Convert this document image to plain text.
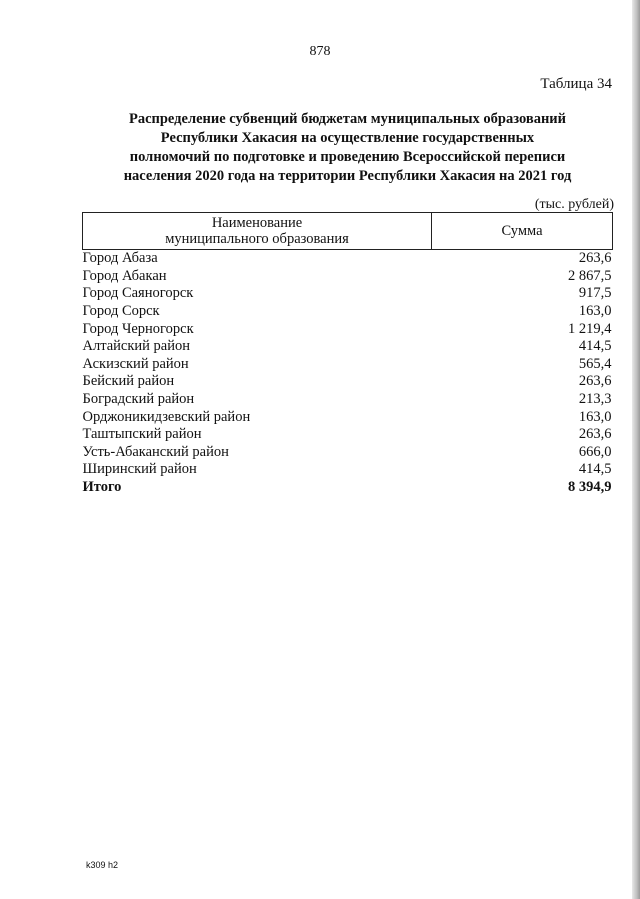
878
Таблица 34
Распределение субвенций бюджетам муниципальных образований
Республики Хакасия на осуществление государственных
полномочий по подготовке и проведению Всероссийской переписи
населения 2020 года на территории Республики Хакасия на 2021 год
(тыс. рублей)
Наименование
муниципального образования	Сумма
Город Абаза	263,6
Город Абакан	2 867,5
Город Саяногорск	917,5
Город Сорск	163,0
Город Черногорск	1 219,4
Алтайский район	414,5
Аскизский район	565,4
Бейский район	263,6
Боградский район	213,3
Орджоникидзевский район	163,0
Таштыпский район	263,6
Усть-Абаканский район	666,0
Ширинский район	414,5
Итого	8 394,9
k309 h2
